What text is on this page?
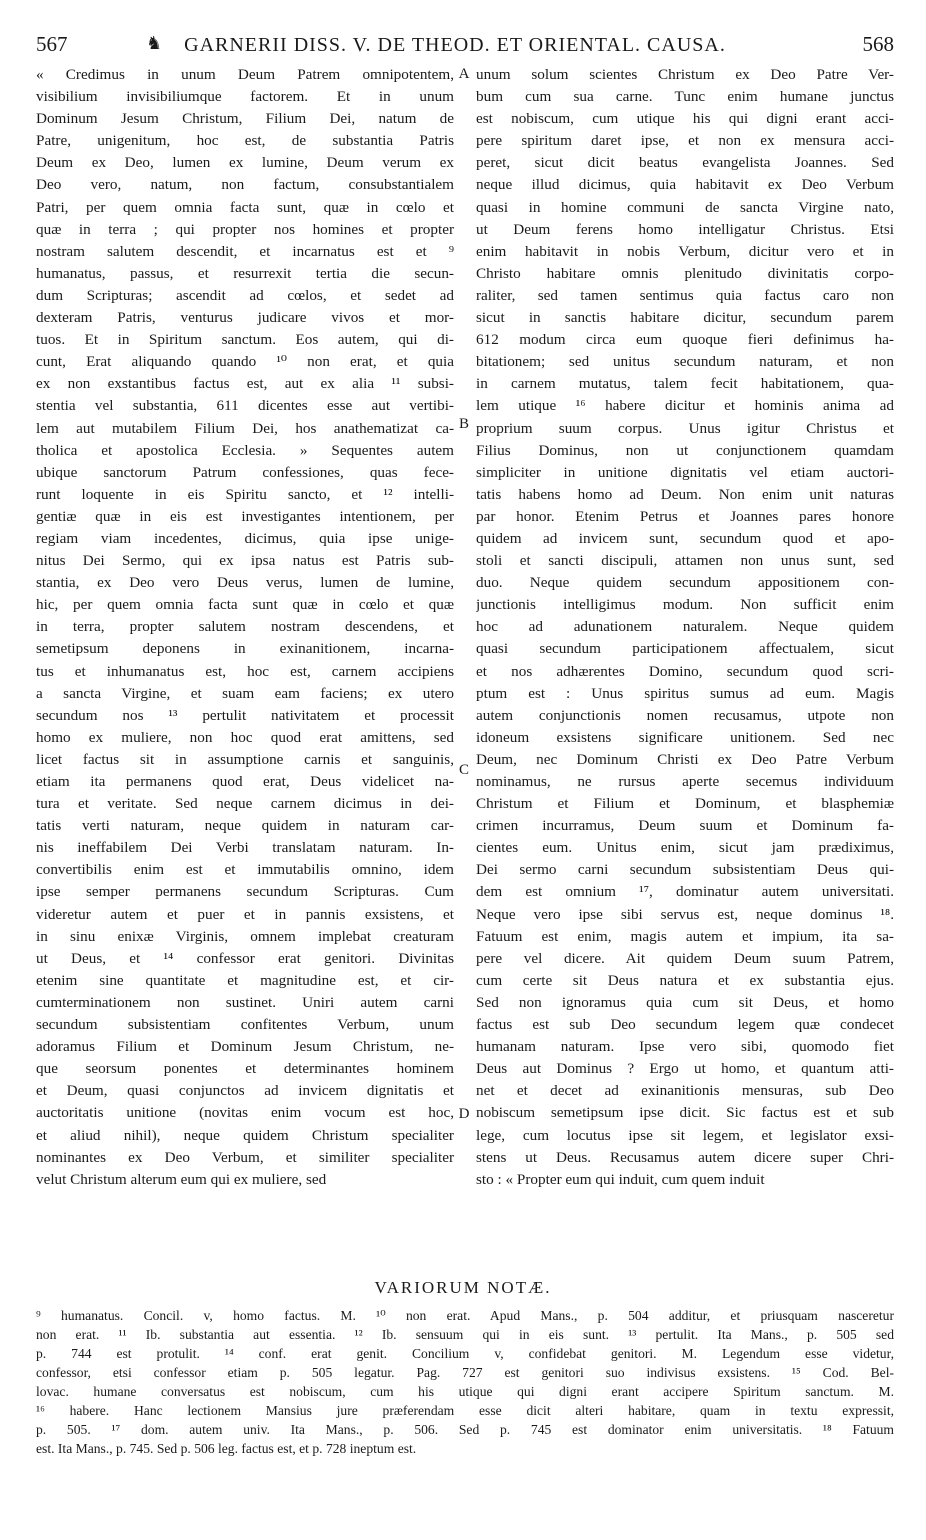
567	♞	GARNERII DISS. V. DE THEOD. ET ORIENTAL. CAUSA.	568
« Credimus in unum Deum Patrem omnipotentem,
visibilium invisibiliumque factorem. Et in unum
Dominum Jesum Christum, Filium Dei, natum de
Patre, unigenitum, hoc est, de substantia Patris
Deum ex Deo, lumen ex lumine, Deum verum ex
Deo vero, natum, non factum, consubstantialem
Patri, per quem omnia facta sunt, quæ in cœlo et
quæ in terra ; qui propter nos homines et propter
nostram salutem descendit, et incarnatus est et ⁹
humanatus, passus, et resurrexit tertia die secun-
dum Scripturas; ascendit ad cœlos, et sedet ad
dexteram Patris, venturus judicare vivos et mor-
tuos. Et in Spiritum sanctum. Eos autem, qui di-
cunt, Erat aliquando quando ¹⁰ non erat, et quia
ex non exstantibus factus est, aut ex alia ¹¹ subsi-
stentia vel substantia, 611 dicentes esse aut vertibi-
lem aut mutabilem Filium Dei, hos anathematizat ca-
tholica et apostolica Ecclesia. » Sequentes autem
ubique sanctorum Patrum confessiones, quas fece-
runt loquente in eis Spiritu sancto, et ¹² intelli-
gentiæ quæ in eis est investigantes intentionem, per
regiam viam incedentes, dicimus, quia ipse unige-
nitus Dei Sermo, qui ex ipsa natus est Patris sub-
stantia, ex Deo vero Deus verus, lumen de lumine,
hic, per quem omnia facta sunt quæ in cœlo et quæ
in terra, propter salutem nostram descendens, et
semetipsum deponens in exinanitionem, incarna-
tus et inhumanatus est, hoc est, carnem accipiens
a sancta Virgine, et suam eam faciens; ex utero
secundum nos ¹³ pertulit nativitatem et processit
homo ex muliere, non hoc quod erat amittens, sed
licet factus sit in assumptione carnis et sanguinis,
etiam ita permanens quod erat, Deus videlicet na-
tura et veritate. Sed neque carnem dicimus in dei-
tatis verti naturam, neque quidem in naturam car-
nis ineffabilem Dei Verbi translatam naturam. In-
convertibilis enim est et immutabilis omnino, idem
ipse semper permanens secundum Scripturas. Cum
videretur autem et puer et in pannis exsistens, et
in sinu enixæ Virginis, omnem implebat creaturam
ut Deus, et ¹⁴ confessor erat genitori. Divinitas
etenim sine quantitate et magnitudine est, et cir-
cumterminationem non sustinet. Uniri autem carni
secundum subsistentiam confitentes Verbum, unum
adoramus Filium et Dominum Jesum Christum, ne-
que seorsum ponentes et determinantes hominem
et Deum, quasi conjunctos ad invicem dignitatis et
auctoritatis unitione (novitas enim vocum est hoc,
et aliud nihil), neque quidem Christum specialiter
nominantes ex Deo Verbum, et similiter specialiter
velut Christum alterum eum qui ex muliere, sed
unum solum scientes Christum ex Deo Patre Ver-
bum cum sua carne. Tunc enim humane junctus
est nobiscum, cum utique his qui digni erant acci-
pere spiritum daret ipse, et non ex mensura acci-
peret, sicut dicit beatus evangelista Joannes. Sed
neque illud dicimus, quia habitavit ex Deo Verbum
quasi in homine communi de sancta Virgine nato,
ut Deum ferens homo intelligatur Christus. Etsi
enim habitavit in nobis Verbum, dicitur vero et in
Christo habitare omnis plenitudo divinitatis corpo-
raliter, sed tamen sentimus quia factus caro non
sicut in sanctis habitare dicitur, secundum parem
612 modum circa eum quoque fieri definimus ha-
bitationem; sed unitus secundum naturam, et non
in carnem mutatus, talem fecit habitationem, qua-
lem utique ¹⁶ habere dicitur et hominis anima ad
proprium suum corpus. Unus igitur Christus et
Filius Dominus, non ut conjunctionem quamdam
simpliciter in unitione dignitatis vel etiam auctori-
tatis habens homo ad Deum. Non enim unit naturas
par honor. Etenim Petrus et Joannes pares honore
quidem ad invicem sunt, secundum quod et apo-
stoli et sancti discipuli, attamen non unus sunt, sed
duo. Neque quidem secundum appositionem con-
junctionis intelligimus modum. Non sufficit enim
hoc ad adunationem naturalem. Neque quidem
quasi secundum participationem affectualem, sicut
et nos adhærentes Domino, secundum quod scri-
ptum est : Unus spiritus sumus ad eum. Magis
autem conjunctionis nomen recusamus, utpote non
idoneum exsistens significare unitionem. Sed nec
Deum, nec Dominum Christi ex Deo Patre Verbum
nominamus, ne rursus aperte secemus individuum
Christum et Filium et Dominum, et blasphemiæ
crimen incurramus, Deum suum et Dominum fa-
cientes eum. Unitus enim, sicut jam prædiximus,
Dei sermo carni secundum subsistentiam Deus qui-
dem est omnium ¹⁷, dominatur autem universitati.
Neque vero ipse sibi servus est, neque dominus ¹⁸.
Fatuum est enim, magis autem et impium, ita sa-
pere vel dicere. Ait quidem Deum suum Patrem,
cum certe sit Deus natura et ex substantia ejus.
Sed non ignoramus quia cum sit Deus, et homo
factus est sub Deo secundum legem quæ condecet
humanam naturam. Ipse vero sibi, quomodo fiet
Deus aut Dominus ? Ergo ut homo, et quantum atti-
net et decet ad exinanitionis mensuras, sub Deo
nobiscum semetipsum ipse dicit. Sic factus est et sub
lege, cum locutus ipse sit legem, et legislator exsi-
stens ut Deus. Recusamus autem dicere super Chri-
sto : « Propter eum qui induit, cum quem induit
A
B
C
D
VARIORUM NOTÆ.
⁹ humanatus. Concil. v, homo factus. M. ¹⁰ non erat. Apud Mans., p. 504 additur, et priusquam nasceretur
non erat. ¹¹ Ib. substantia aut essentia. ¹² Ib. sensuum qui in eis sunt. ¹³ pertulit. Ita Mans., p. 505 sed
p. 744 est protulit. ¹⁴ conf. erat genit. Concilium v, confidebat genitori. M. Legendum esse videtur,
confessor, etsi confessor etiam p. 505 legatur. Pag. 727 est genitori suo indivisus exsistens. ¹⁵ Cod. Bel-
lovac. humane conversatus est nobiscum, cum his utique qui digni erant accipere Spiritum sanctum. M.
¹⁶ habere. Hanc lectionem Mansius jure præferendam esse dicit alteri habitare, quam in textu expressit,
p. 505. ¹⁷ dom. autem univ. Ita Mans., p. 506. Sed p. 745 est dominator enim universitatis. ¹⁸ Fatuum
est. Ita Mans., p. 745. Sed p. 506 leg. factus est, et p. 728 ineptum est.
